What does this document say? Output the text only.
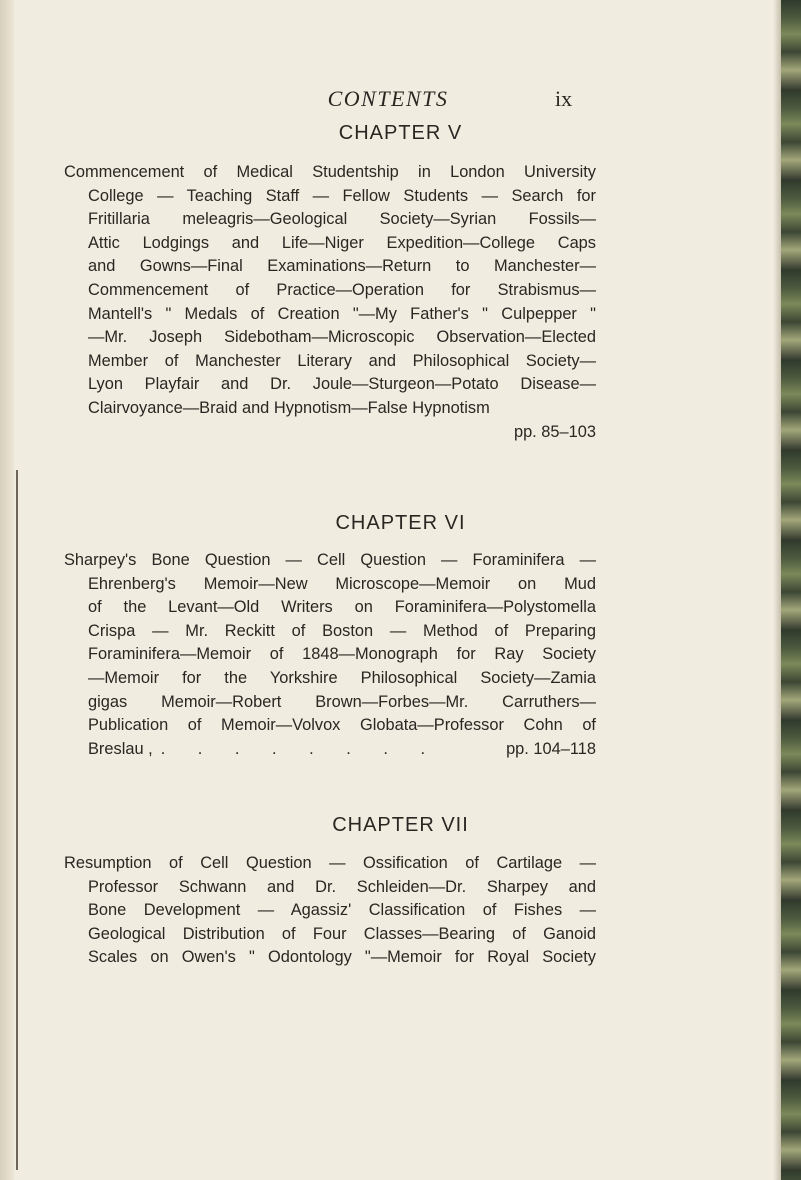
CONTENTS	ix
CHAPTER V
Commencement of Medical Studentship in London University
College — Teaching Staff — Fellow Students — Search for
Fritillaria meleagris—Geological Society—Syrian Fossils—
Attic Lodgings and Life—Niger Expedition—College Caps
and Gowns—Final Examinations—Return to Manchester—
Commencement of Practice—Operation for Strabismus—
Mantell's " Medals of Creation "—My Father's " Culpepper "
—Mr. Joseph Sidebotham—Microscopic Observation—Elected
Member of Manchester Literary and Philosophical Society—
Lyon Playfair and Dr. Joule—Sturgeon—Potato Disease—
Clairvoyance—Braid and Hypnotism—False Hypnotism
pp. 85–103
CHAPTER VI
Sharpey's Bone Question — Cell Question — Foraminifera —
Ehrenberg's Memoir—New Microscope—Memoir on Mud
of the Levant—Old Writers on Foraminifera—Polystomella
Crispa — Mr. Reckitt of Boston — Method of Preparing
Foraminifera—Memoir of 1848—Monograph for Ray Society
—Memoir for the Yorkshire Philosophical Society—Zamia
gigas Memoir—Robert Brown—Forbes—Mr. Carruthers—
Publication of Memoir—Volvox Globata—Professor Cohn of
Breslau , . . . . . . . .	pp. 104–118
CHAPTER VII
Resumption of Cell Question — Ossification of Cartilage —
Professor Schwann and Dr. Schleiden—Dr. Sharpey and
Bone Development — Agassiz' Classification of Fishes —
Geological Distribution of Four Classes—Bearing of Ganoid
Scales on Owen's " Odontology "—Memoir for Royal Society
